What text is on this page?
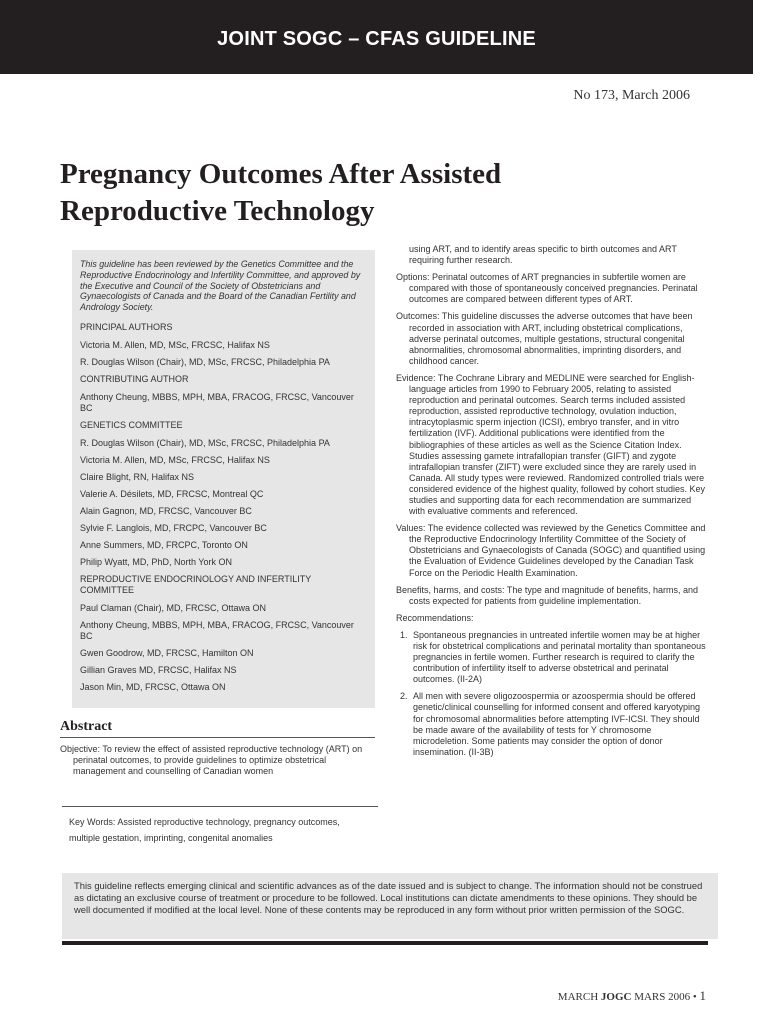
JOINT SOGC – CFAS GUIDELINE
No 173, March 2006
Pregnancy Outcomes After Assisted
Reproductive Technology

This guideline has been reviewed by the Genetics Committee and the Reproductive Endocrinology and Infertility Committee, and approved by the Executive and Council of the Society of Obstetricians and Gynaecologists of Canada and the Board of the Canadian Fertility and Andrology Society.

PRINCIPAL AUTHORS
Victoria M. Allen, MD, MSc, FRCSC, Halifax NS
R. Douglas Wilson (Chair), MD, MSc, FRCSC, Philadelphia PA
CONTRIBUTING AUTHOR
Anthony Cheung, MBBS, MPH, MBA, FRACOG, FRCSC, Vancouver BC
GENETICS COMMITTEE
R. Douglas Wilson (Chair), MD, MSc, FRCSC, Philadelphia PA
Victoria M. Allen, MD, MSc, FRCSC, Halifax NS
Claire Blight, RN, Halifax NS
Valerie A. Désilets, MD, FRCSC, Montreal QC
Alain Gagnon, MD, FRCSC, Vancouver BC
Sylvie F. Langlois, MD, FRCPC, Vancouver BC
Anne Summers, MD, FRCPC, Toronto ON
Philip Wyatt, MD, PhD, North York ON
REPRODUCTIVE ENDOCRINOLOGY AND INFERTILITY COMMITTEE
Paul Claman (Chair), MD, FRCSC, Ottawa ON
Anthony Cheung, MBBS, MPH, MBA, FRACOG, FRCSC, Vancouver BC
Gwen Goodrow, MD, FRCSC, Hamilton ON
Gillian Graves MD, FRCSC, Halifax NS
Jason Min, MD, FRCSC, Ottawa ON
Abstract

Objective: To review the effect of assisted reproductive technology (ART) on perinatal outcomes, to provide guidelines to optimize obstetrical management and counselling of Canadian women

Key Words: Assisted reproductive technology, pregnancy outcomes, multiple gestation, imprinting, congenital anomalies

using ART, and to identify areas specific to birth outcomes and ART requiring further research.

Options: Perinatal outcomes of ART pregnancies in subfertile women are compared with those of spontaneously conceived pregnancies. Perinatal outcomes are compared between different types of ART.

Outcomes: This guideline discusses the adverse outcomes that have been recorded in association with ART, including obstetrical complications, adverse perinatal outcomes, multiple gestations, structural congenital abnormalities, chromosomal abnormalities, imprinting disorders, and childhood cancer.

Evidence: The Cochrane Library and MEDLINE were searched for English-language articles from 1990 to February 2005, relating to assisted reproduction and perinatal outcomes. Search terms included assisted reproduction, assisted reproductive technology, ovulation induction, intracytoplasmic sperm injection (ICSI), embryo transfer, and in vitro fertilization (IVF). Additional publications were identified from the bibliographies of these articles as well as the Science Citation Index. Studies assessing gamete intrafallopian transfer (GIFT) and zygote intrafallopian transfer (ZIFT) were excluded since they are rarely used in Canada. All study types were reviewed. Randomized controlled trials were considered evidence of the highest quality, followed by cohort studies. Key studies and supporting data for each recommendation are summarized with evaluative comments and referenced.

Values: The evidence collected was reviewed by the Genetics Committee and the Reproductive Endocrinology Infertility Committee of the Society of Obstetricians and Gynaecologists of Canada (SOGC) and quantified using the Evaluation of Evidence Guidelines developed by the Canadian Task Force on the Periodic Health Examination.

Benefits, harms, and costs: The type and magnitude of benefits, harms, and costs expected for patients from guideline implementation.

Recommendations:

1. Spontaneous pregnancies in untreated infertile women may be at higher risk for obstetrical complications and perinatal mortality than spontaneous pregnancies in fertile women. Further research is required to clarify the contribution of infertility itself to adverse obstetrical and perinatal outcomes. (II-2A)
2. All men with severe oligozoospermia or azoospermia should be offered genetic/clinical counselling for informed consent and offered karyotyping for chromosomal abnormalities before attempting IVF-ICSI. They should be made aware of the availability of tests for Y chromosome microdeletion. Some patients may consider the option of donor insemination. (II-3B)

This guideline reflects emerging clinical and scientific advances as of the date issued and is subject to change. The information should not be construed as dictating an exclusive course of treatment or procedure to be followed. Local institutions can dictate amendments to these opinions. They should be well documented if modified at the local level. None of these contents may be reproduced in any form without prior written permission of the SOGC.

MARCH JOGC MARS 2006 • 1
